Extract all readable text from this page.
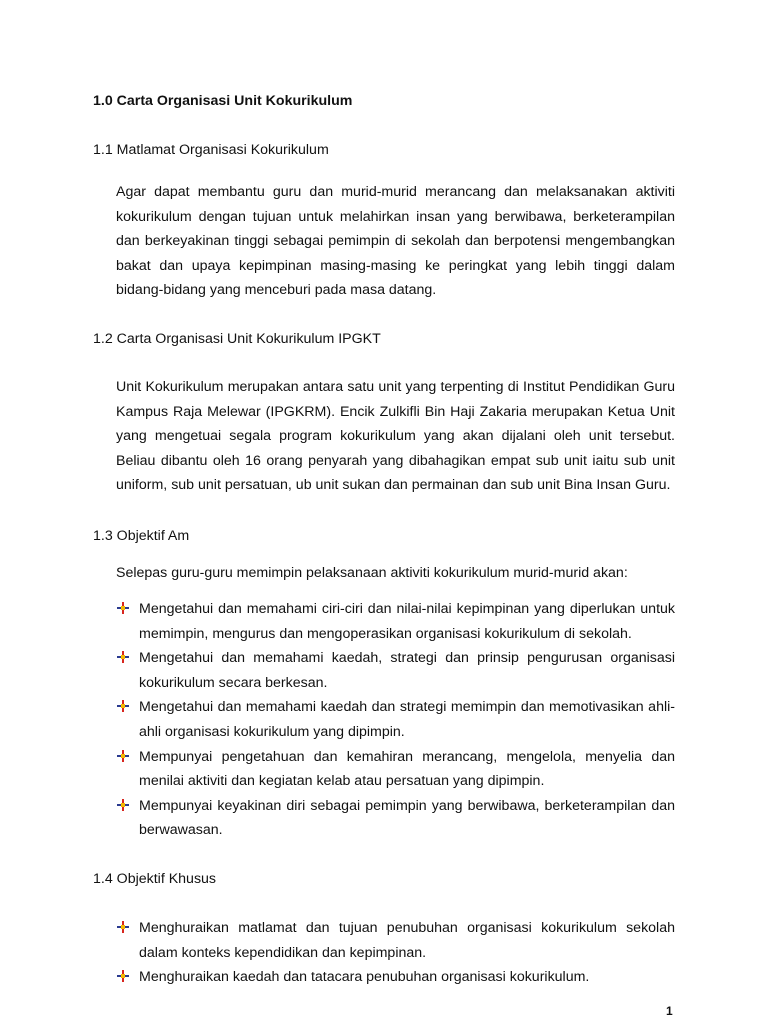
1.0 Carta Organisasi Unit Kokurikulum
1.1 Matlamat Organisasi Kokurikulum
Agar dapat membantu guru dan murid-murid merancang dan melaksanakan aktiviti kokurikulum dengan tujuan untuk melahirkan insan yang berwibawa, berketerampilan dan berkeyakinan tinggi sebagai pemimpin di sekolah dan berpotensi mengembangkan bakat dan upaya kepimpinan masing-masing ke peringkat yang lebih tinggi dalam bidang-bidang yang menceburi pada masa datang.
1.2 Carta Organisasi Unit Kokurikulum IPGKT
Unit Kokurikulum merupakan antara satu unit yang terpenting di Institut Pendidikan Guru Kampus Raja Melewar (IPGKRM). Encik Zulkifli Bin Haji Zakaria merupakan Ketua Unit yang mengetuai segala program kokurikulum yang akan dijalani oleh unit tersebut. Beliau dibantu oleh 16 orang penyarah yang dibahagikan empat sub unit iaitu sub unit uniform, sub unit persatuan, ub unit sukan dan permainan dan sub unit Bina Insan Guru.
1.3 Objektif Am
Selepas guru-guru memimpin pelaksanaan aktiviti kokurikulum murid-murid akan:
Mengetahui dan memahami ciri-ciri dan nilai-nilai kepimpinan yang diperlukan untuk memimpin, mengurus dan mengoperasikan organisasi kokurikulum di sekolah.
Mengetahui dan memahami kaedah, strategi dan prinsip pengurusan organisasi kokurikulum secara berkesan.
Mengetahui dan memahami kaedah dan strategi memimpin dan memotivasikan ahli-ahli organisasi kokurikulum yang dipimpin.
Mempunyai pengetahuan dan kemahiran merancang, mengelola, menyelia dan menilai aktiviti dan kegiatan kelab atau persatuan yang dipimpin.
Mempunyai keyakinan diri sebagai pemimpin yang berwibawa, berketerampilan dan berwawasan.
1.4 Objektif Khusus
Menghuraikan matlamat dan tujuan penubuhan organisasi kokurikulum sekolah dalam konteks kependidikan dan kepimpinan.
Menghuraikan kaedah dan tatacara penubuhan organisasi kokurikulum.
1
